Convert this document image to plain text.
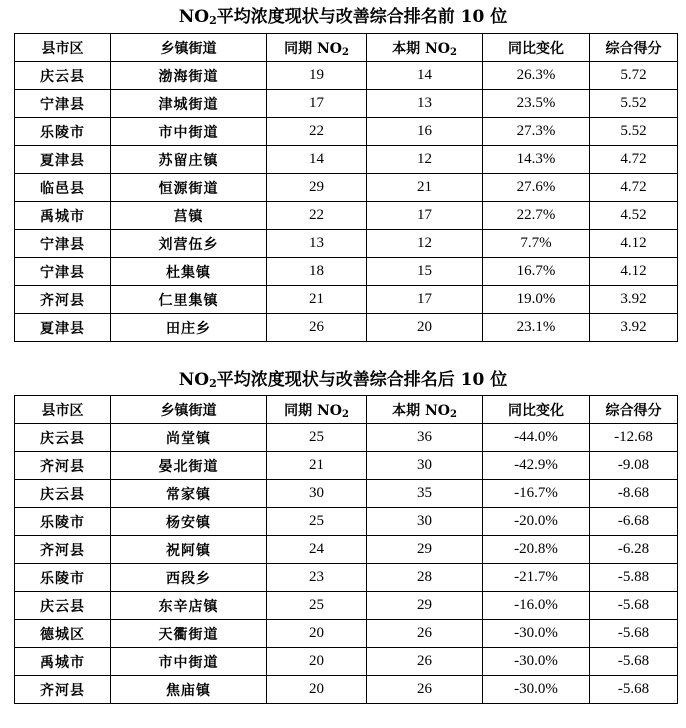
$NO_2$平均浓度现状与改善综合排名前 10 位
县市区	乡镇街道	同期 $NO_2$	本期 $NO_2$	同比变化	综合得分
庆云县	渤海街道	19	14	26.3%	5.72
宁津县	津城街道	17	13	23.5%	5.52
乐陵市	市中街道	22	16	27.3%	5.52
夏津县	苏留庄镇	14	12	14.3%	4.72
临邑县	恒源街道	29	21	27.6%	4.72
禹城市	莒镇	22	17	22.7%	4.52
宁津县	刘营伍乡	13	12	7.7%	4.12
宁津县	杜集镇	18	15	16.7%	4.12
齐河县	仁里集镇	21	17	19.0%	3.92
夏津县	田庄乡	26	20	23.1%	3.92
$NO_2$平均浓度现状与改善综合排名后 10 位
县市区	乡镇街道	同期 $NO_2$	本期 $NO_2$	同比变化	综合得分
庆云县	尚堂镇	25	36	-44.0%	-12.68
齐河县	晏北街道	21	30	-42.9%	-9.08
庆云县	常家镇	30	35	-16.7%	-8.68
乐陵市	杨安镇	25	30	-20.0%	-6.68
齐河县	祝阿镇	24	29	-20.8%	-6.28
乐陵市	西段乡	23	28	-21.7%	-5.88
庆云县	东辛店镇	25	29	-16.0%	-5.68
德城区	天衢街道	20	26	-30.0%	-5.68
禹城市	市中街道	20	26	-30.0%	-5.68
齐河县	焦庙镇	20	26	-30.0%	-5.68
